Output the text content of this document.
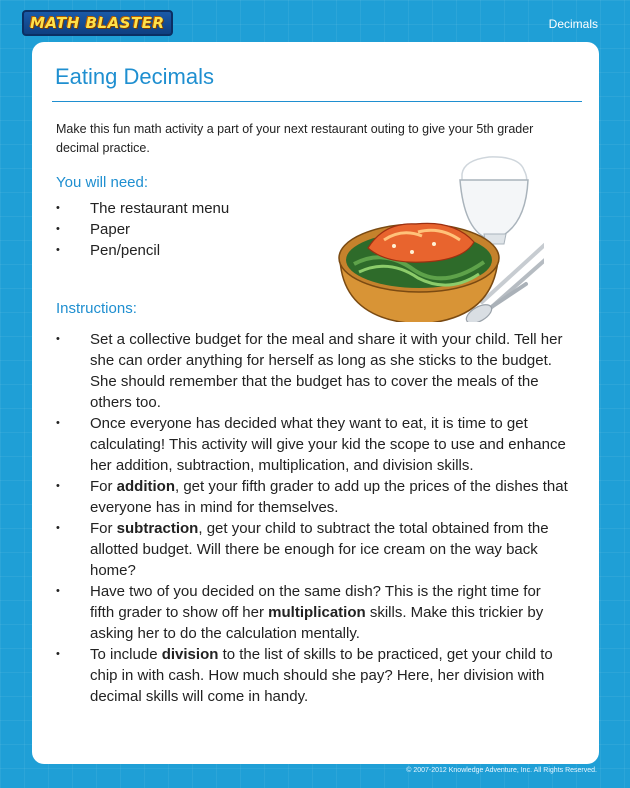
MATH BLASTER	Decimals
Eating Decimals
Make this fun math activity a part of your next restaurant outing to give your 5th grader decimal practice.
You will need:
• The restaurant menu
• Paper
• Pen/pencil
Instructions:
• Set a collective budget for the meal and share it with your child. Tell her she can order anything for herself as long as she sticks to the budget. She should remember that the budget has to cover the meals of the others too.
• Once everyone has decided what they want to eat, it is time to get calculating! This activity will give your kid the scope to use and enhance her addition, subtraction, multiplication, and division skills.
• For addition, get your fifth grader to add up the prices of the dishes that everyone has in mind for themselves.
• For subtraction, get your child to subtract the total obtained from the allotted budget. Will there be enough for ice cream on the way back home?
• Have two of you decided on the same dish? This is the right time for fifth grader to show off her multiplication skills. Make this trickier by asking her to do the calculation mentally.
• To include division to the list of skills to be practiced, get your child to chip in with cash. How much should she pay? Here, her division with decimal skills will come in handy.
© 2007-2012 Knowledge Adventure, Inc. All Rights Reserved.
